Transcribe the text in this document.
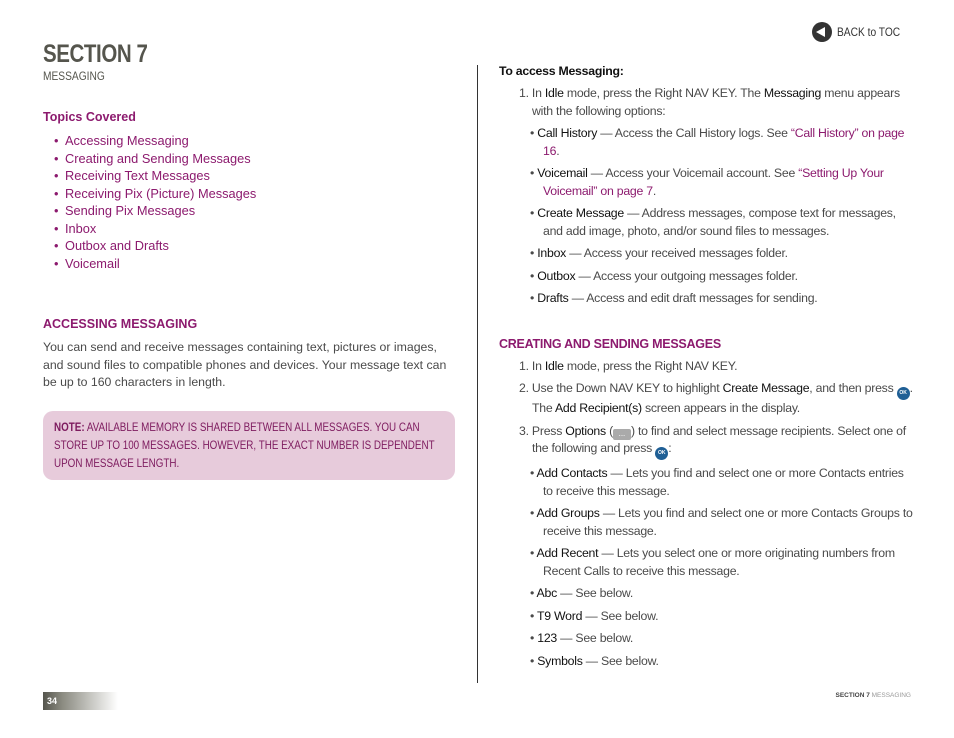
SECTION 7
MESSAGING
BACK to TOC
Topics Covered
• Accessing Messaging
• Creating and Sending Messages
• Receiving Text Messages
• Receiving Pix (Picture) Messages
• Sending Pix Messages
• Inbox
• Outbox and Drafts
• Voicemail
ACCESSING MESSAGING

You can send and receive messages containing text, pictures or images, and sound files to compatible phones and devices. Your message text can be up to 160 characters in length.

NOTE: AVAILABLE MEMORY IS SHARED BETWEEN ALL MESSAGES. YOU CAN STORE UP TO 100 MESSAGES. HOWEVER, THE EXACT NUMBER IS DEPENDENT UPON MESSAGE LENGTH.
To access Messaging:
1. In Idle mode, press the Right NAV KEY. The Messaging menu appears with the following options:
• Call History — Access the Call History logs. See “Call History” on page 16.
• Voicemail — Access your Voicemail account. See “Setting Up Your Voicemail” on page 7.
• Create Message — Address messages, compose text for messages, and add image, photo, and/or sound files to messages.
• Inbox — Access your received messages folder.
• Outbox — Access your outgoing messages folder.
• Drafts — Access and edit draft messages for sending.
CREATING AND SENDING MESSAGES
1. In Idle mode, press the Right NAV KEY.
2. Use the Down NAV KEY to highlight Create Message, and then press OK . The Add Recipient(s) screen appears in the display.
3. Press Options ( ... ) to find and select message recipients. Select one of the following and press OK :
• Add Contacts — Lets you find and select one or more Contacts entries to receive this message.
• Add Groups — Lets you find and select one or more Contacts Groups to receive this message.
• Add Recent — Lets you select one or more originating numbers from Recent Calls to receive this message.
• Abc — See below.
• T9 Word — See below.
• 123 — See below.
• Symbols — See below.
34
SECTION 7 MESSAGING
